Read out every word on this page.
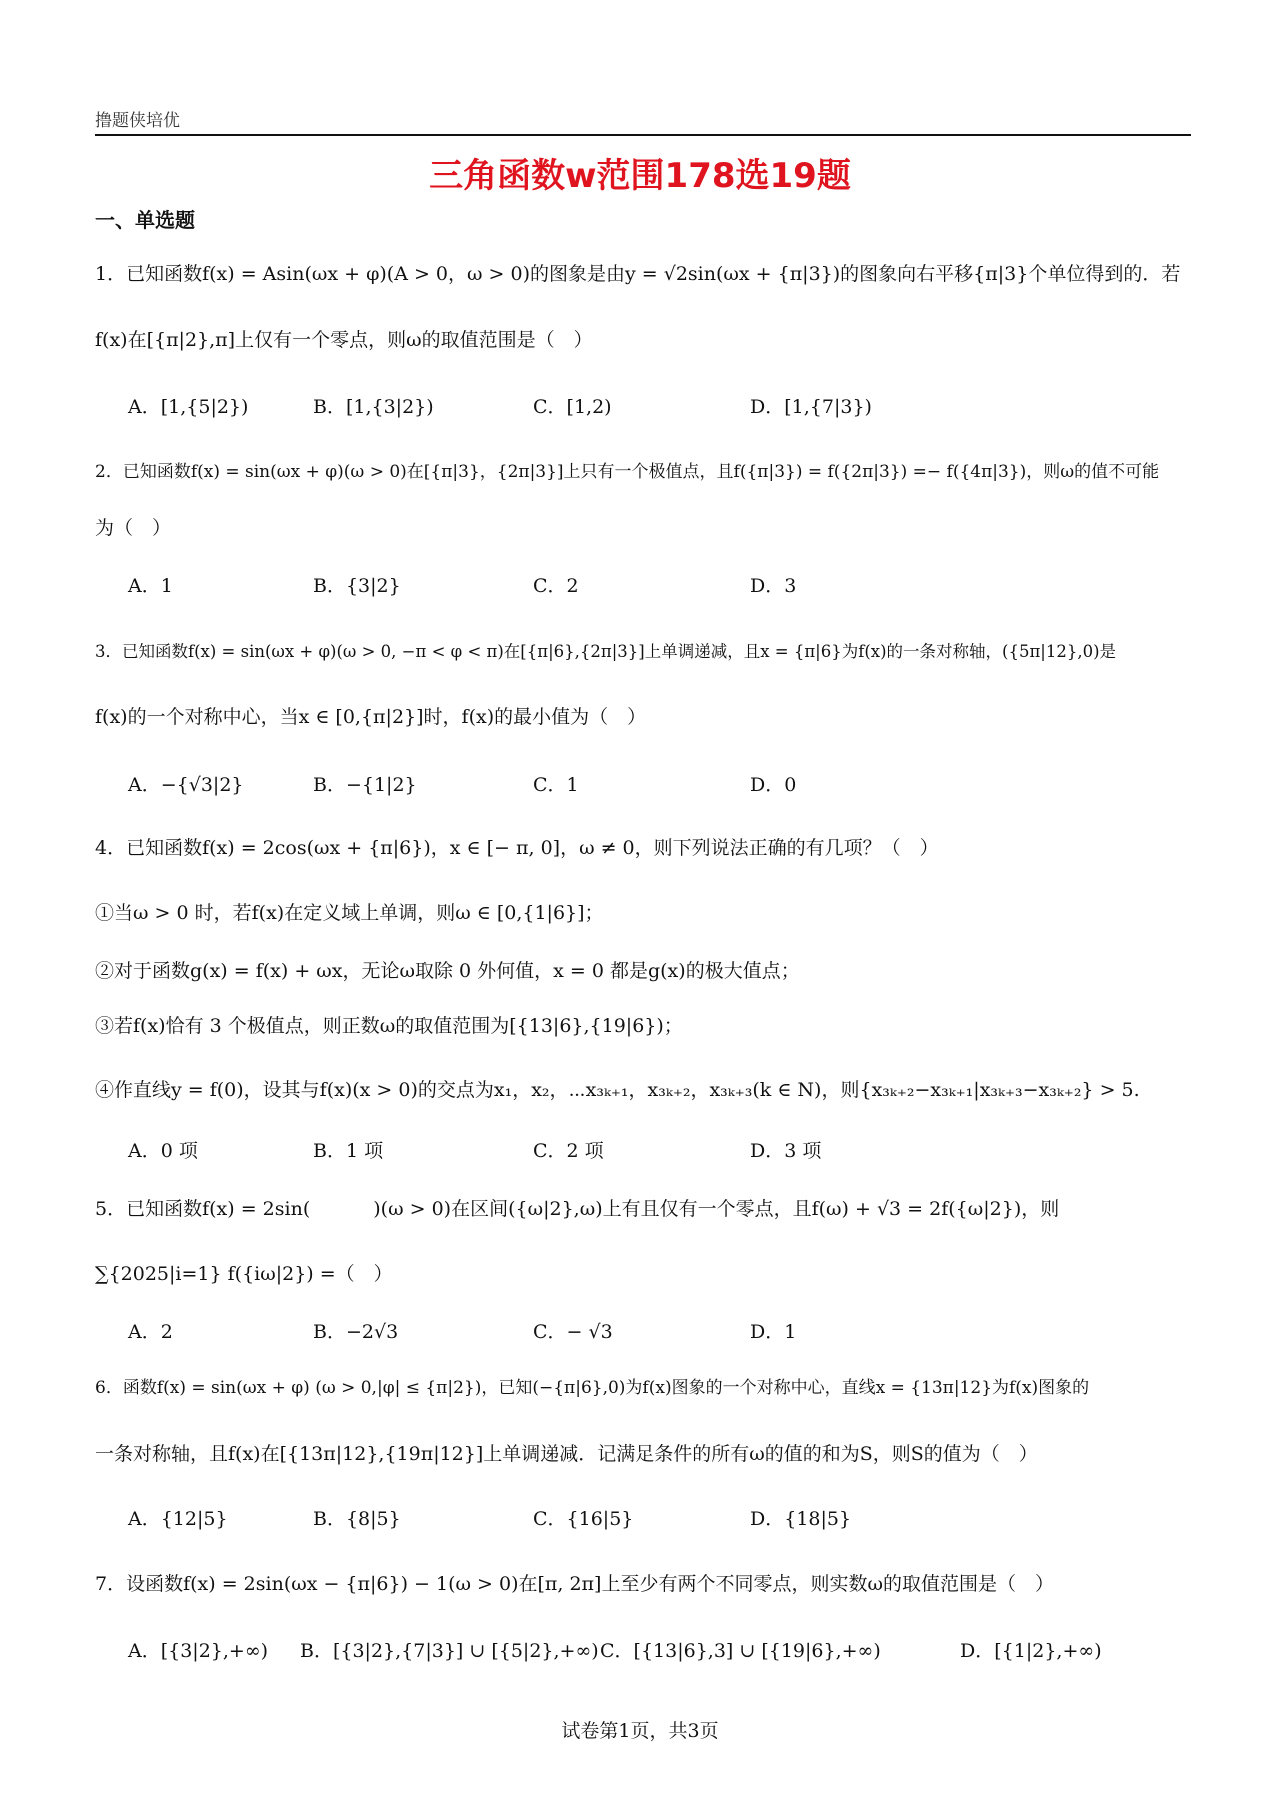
撸题侠培优
三角函数w范围178选19题
一、单选题
1．已知函数f(x) = Asin(ωx + φ)(A > 0，ω > 0)的图象是由y = √2sin(ωx + {π|3})的图象向右平移{π|3}个单位得到的．若
f(x)在[{π|2},π]上仅有一个零点，则ω的取值范围是（　）
A．[1,{5|2})	B．[1,{3|2})	C．[1,2)	D．[1,{7|3})
2．已知函数f(x) = sin(ωx + φ)(ω > 0)在[{π|3}，{2π|3}]上只有一个极值点，且f({π|3}) = f({2π|3}) =− f({4π|3})，则ω的值不可能
为（　）
A．1	B．{3|2}	C．2	D．3
3．已知函数f(x) = sin(ωx + φ)(ω > 0, −π < φ < π)在[{π|6},{2π|3}]上单调递减，且x = {π|6}为f(x)的一条对称轴，({5π|12},0)是
f(x)的一个对称中心，当x ∈ [0,{π|2}]时，f(x)的最小值为（　）
A．−{√3|2}	B．−{1|2}	C．1	D．0
4．已知函数f(x) = 2cos(ωx + {π|6})，x ∈ [− π, 0]，ω ≠ 0，则下列说法正确的有几项？（　）
①当ω > 0 时，若f(x)在定义域上单调，则ω ∈ [0,{1|6}]；
②对于函数g(x) = f(x) + ωx，无论ω取除 0 外何值，x = 0 都是g(x)的极大值点；
③若f(x)恰有 3 个极值点，则正数ω的取值范围为[{13|6},{19|6})；
④作直线y = f(0)，设其与f(x)(x > 0)的交点为x₁，x₂，⋯x₃ₖ₊₁，x₃ₖ₊₂，x₃ₖ₊₃(k ∈ N)，则{x₃ₖ₊₂−x₃ₖ₊₁|x₃ₖ₊₃−x₃ₖ₊₂} > 5.
A．0 项	B．1 项	C．2 项	D．3 项
5．已知函数f(x) = 2sin(　　　 )(ω > 0)在区间({ω|2},ω)上有且仅有一个零点，且f(ω) + √3 = 2f({ω|2})，则
∑{2025|i=1} f({iω|2}) =（　）
A．2	B．−2√3	C．− √3	D．1
6．函数f(x) = sin(ωx + φ) (ω > 0,|φ| ≤ {π|2})，已知(−{π|6},0)为f(x)图象的一个对称中心，直线x = {13π|12}为f(x)图象的
一条对称轴，且f(x)在[{13π|12},{19π|12}]上单调递减．记满足条件的所有ω的值的和为S，则S的值为（　）
A．{12|5}	B．{8|5}	C．{16|5}	D．{18|5}
7．设函数f(x) = 2sin(ωx − {π|6}) − 1(ω > 0)在[π, 2π]上至少有两个不同零点，则实数ω的取值范围是（　）
A．[{3|2},+∞) B．[{3|2},{7|3}] ∪ [{5|2},+∞) C．[{13|6},3] ∪ [{19|6},+∞)	D．[{1|2},+∞)
试卷第1页，共3页
